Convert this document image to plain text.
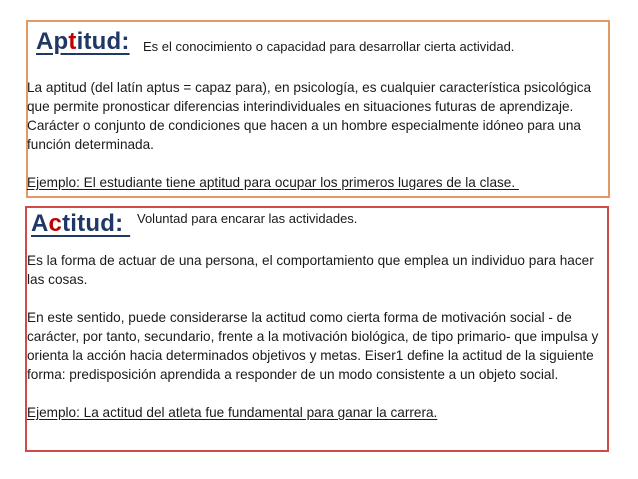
Aptitud: Es el conocimiento o capacidad para desarrollar cierta actividad.

La aptitud (del latín aptus = capaz para), en psicología, es cualquier característica psicológica que permite pronosticar diferencias interindividuales en situaciones futuras de aprendizaje. Carácter o conjunto de condiciones que hacen a un hombre especialmente idóneo para una función determinada.

Ejemplo: El estudiante tiene aptitud para ocupar los primeros lugares de la clase.

Actitud: Voluntad para encarar las actividades.

Es la forma de actuar de una persona, el comportamiento que emplea un individuo para hacer las cosas.

En este sentido, puede considerarse la actitud como cierta forma de motivación social - de carácter, por tanto, secundario, frente a la motivación biológica, de tipo primario- que impulsa y orienta la acción hacia determinados objetivos y metas. Eiser1 define la actitud de la siguiente forma: predisposición aprendida a responder de un modo consistente a un objeto social.

Ejemplo: La actitud del atleta fue fundamental para ganar la carrera.
